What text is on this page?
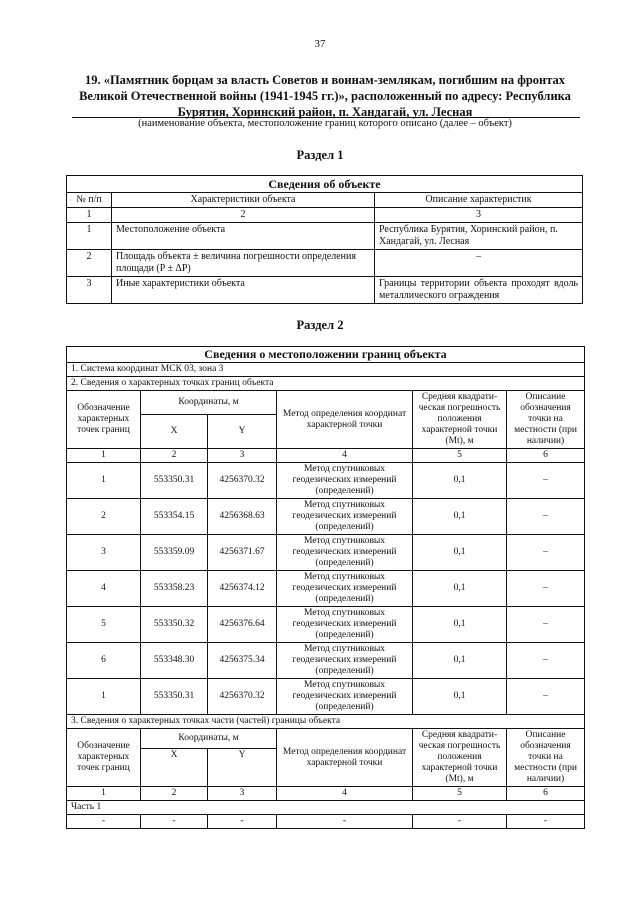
37
19. «Памятник борцам за власть Советов и воинам-землякам, погибшим на фронтах Великой Отечественной войны (1941-1945 гг.)», расположенный по адресу: Республика Бурятия, Хоринский район, п. Хандагай, ул. Лесная
(наименование объекта, местоположение границ которого описано (далее – объект)
Раздел 1
Сведения об объекте		
№ п/п	Характеристики объекта	Описание характеристик
1	2	3
1	Местоположение объекта	Республика Бурятия, Хоринский район, п. Хандагай, ул. Лесная
2	Площадь объекта ± величина погрешности определения площади (P ± ΔP)	–
3	Иные характеристики объекта	Границы территории объекта проходят вдоль
металлического ограждения
Раздел 2
Сведения о местоположении границ объекта					
1. Система координат МСК 03, зона 3					
2. Сведения о характерных точках границ объекта					
Обозначение характерных точек границ	Координаты, м		Метод определения координат характерной точки	Средняя квадрати-ческая погрешность положения характерной точки (Mt), м	Описание обозначения точки на местности (при наличии)
	X	Y			
1	2	3	4	5	6
1	553350.31	4256370.32	Метод спутниковых геодезических измерений (определений)	0,1	–
2	553354.15	4256368.63	Метод спутниковых геодезических измерений (определений)	0,1	–
3	553359.09	4256371.67	Метод спутниковых геодезических измерений (определений)	0,1	–
4	553358.23	4256374.12	Метод спутниковых геодезических измерений (определений)	0,1	–
5	553350.32	4256376.64	Метод спутниковых геодезических измерений (определений)	0,1	–
6	553348.30	4256375.34	Метод спутниковых геодезических измерений (определений)	0,1	–
1	553350.31	4256370.32	Метод спутниковых геодезических измерений (определений)	0,1	–
3. Сведения о характерных точках части (частей) границы объекта					
Обозначение характерных точек границ	Координаты, м		Метод определения координат характерной точки	Средняя квадрати-ческая погрешность положения характерной точки (Mt), м	Описание обозначения точки на местности (при наличии)
	X	Y			
1	2	3	4	5	6
Часть 1					
-	-	-	-	-	-
